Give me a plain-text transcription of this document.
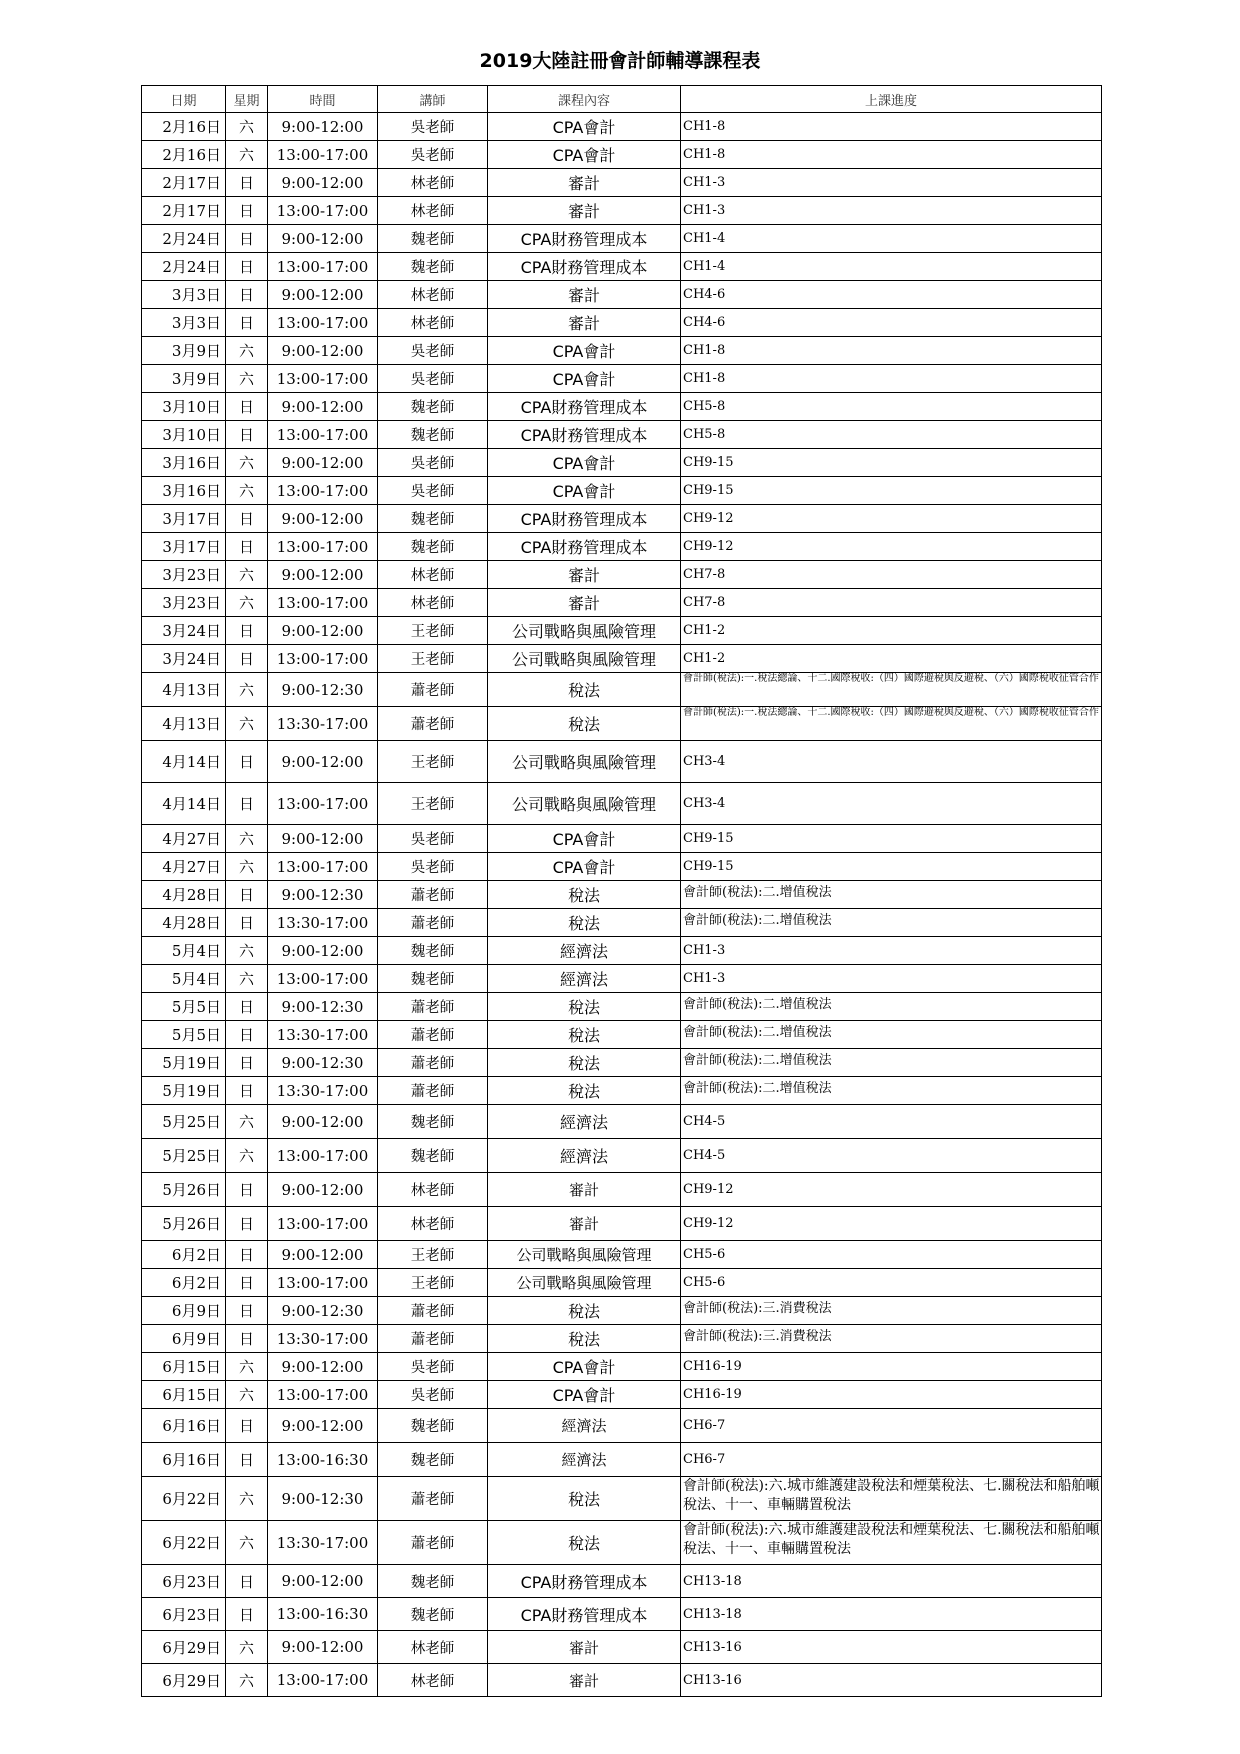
2019大陸註冊會計師輔導課程表
日期	星期	時間	講師	課程內容	上課進度
2月16日	六	9:00-12:00	吳老師	CPA會計	CH1-8
2月16日	六	13:00-17:00	吳老師	CPA會計	CH1-8
2月17日	日	9:00-12:00	林老師	審計	CH1-3
2月17日	日	13:00-17:00	林老師	審計	CH1-3
2月24日	日	9:00-12:00	魏老師	CPA財務管理成本	CH1-4
2月24日	日	13:00-17:00	魏老師	CPA財務管理成本	CH1-4
3月3日	日	9:00-12:00	林老師	審計	CH4-6
3月3日	日	13:00-17:00	林老師	審計	CH4-6
3月9日	六	9:00-12:00	吳老師	CPA會計	CH1-8
3月9日	六	13:00-17:00	吳老師	CPA會計	CH1-8
3月10日	日	9:00-12:00	魏老師	CPA財務管理成本	CH5-8
3月10日	日	13:00-17:00	魏老師	CPA財務管理成本	CH5-8
3月16日	六	9:00-12:00	吳老師	CPA會計	CH9-15
3月16日	六	13:00-17:00	吳老師	CPA會計	CH9-15
3月17日	日	9:00-12:00	魏老師	CPA財務管理成本	CH9-12
3月17日	日	13:00-17:00	魏老師	CPA財務管理成本	CH9-12
3月23日	六	9:00-12:00	林老師	審計	CH7-8
3月23日	六	13:00-17:00	林老師	審計	CH7-8
3月24日	日	9:00-12:00	王老師	公司戰略與風險管理	CH1-2
3月24日	日	13:00-17:00	王老師	公司戰略與風險管理	CH1-2
4月13日	六	9:00-12:30	蕭老師	稅法	會計師(稅法):一.稅法總論、十二.國際稅收:（四）國際避稅與反避稅、（六）國際稅收征管合作
4月13日	六	13:30-17:00	蕭老師	稅法	會計師(稅法):一.稅法總論、十二.國際稅收:（四）國際避稅與反避稅、（六）國際稅收征管合作
4月14日	日	9:00-12:00	王老師	公司戰略與風險管理	CH3-4
4月14日	日	13:00-17:00	王老師	公司戰略與風險管理	CH3-4
4月27日	六	9:00-12:00	吳老師	CPA會計	CH9-15
4月27日	六	13:00-17:00	吳老師	CPA會計	CH9-15
4月28日	日	9:00-12:30	蕭老師	稅法	會計師(稅法):二.增值稅法
4月28日	日	13:30-17:00	蕭老師	稅法	會計師(稅法):二.增值稅法
5月4日	六	9:00-12:00	魏老師	經濟法	CH1-3
5月4日	六	13:00-17:00	魏老師	經濟法	CH1-3
5月5日	日	9:00-12:30	蕭老師	稅法	會計師(稅法):二.增值稅法
5月5日	日	13:30-17:00	蕭老師	稅法	會計師(稅法):二.增值稅法
5月19日	日	9:00-12:30	蕭老師	稅法	會計師(稅法):二.增值稅法
5月19日	日	13:30-17:00	蕭老師	稅法	會計師(稅法):二.增值稅法
5月25日	六	9:00-12:00	魏老師	經濟法	CH4-5
5月25日	六	13:00-17:00	魏老師	經濟法	CH4-5
5月26日	日	9:00-12:00	林老師	審計	CH9-12
5月26日	日	13:00-17:00	林老師	審計	CH9-12
6月2日	日	9:00-12:00	王老師	公司戰略與風險管理	CH5-6
6月2日	日	13:00-17:00	王老師	公司戰略與風險管理	CH5-6
6月9日	日	9:00-12:30	蕭老師	稅法	會計師(稅法):三.消費稅法
6月9日	日	13:30-17:00	蕭老師	稅法	會計師(稅法):三.消費稅法
6月15日	六	9:00-12:00	吳老師	CPA會計	CH16-19
6月15日	六	13:00-17:00	吳老師	CPA會計	CH16-19
6月16日	日	9:00-12:00	魏老師	經濟法	CH6-7
6月16日	日	13:00-16:30	魏老師	經濟法	CH6-7
6月22日	六	9:00-12:30	蕭老師	稅法	會計師(稅法):六.城市維護建設稅法和煙葉稅法、七.關稅法和船舶噸稅法、十一、車輛購置稅法
6月22日	六	13:30-17:00	蕭老師	稅法	會計師(稅法):六.城市維護建設稅法和煙葉稅法、七.關稅法和船舶噸稅法、十一、車輛購置稅法
6月23日	日	9:00-12:00	魏老師	CPA財務管理成本	CH13-18
6月23日	日	13:00-16:30	魏老師	CPA財務管理成本	CH13-18
6月29日	六	9:00-12:00	林老師	審計	CH13-16
6月29日	六	13:00-17:00	林老師	審計	CH13-16
